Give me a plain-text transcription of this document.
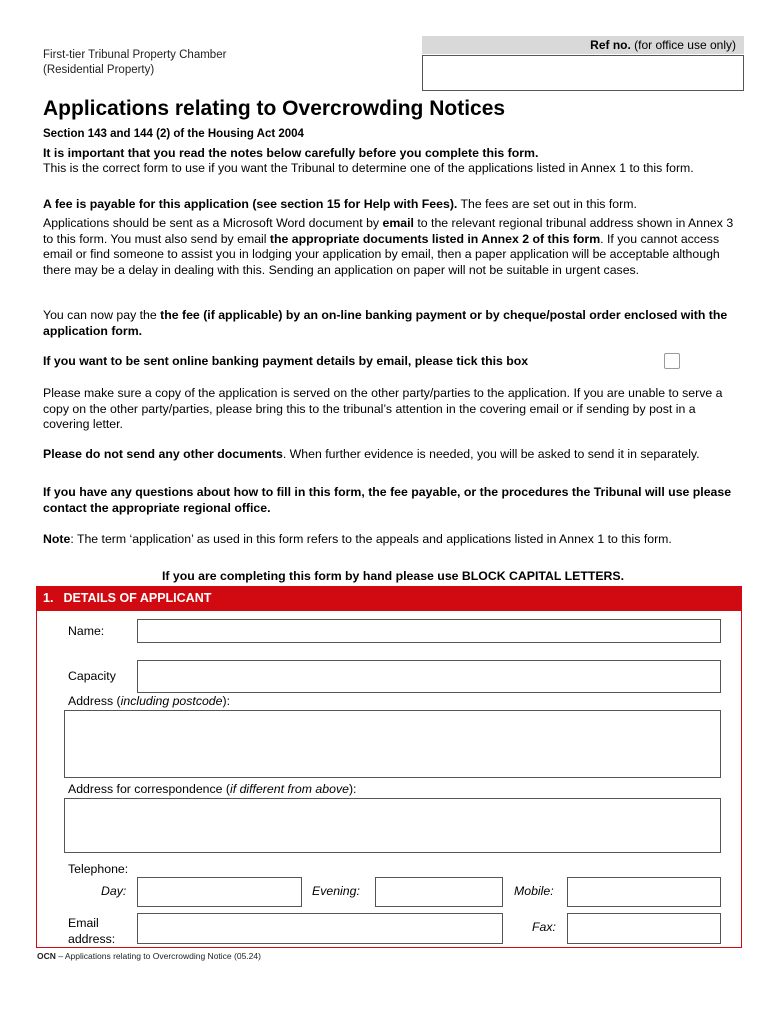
First-tier Tribunal Property Chamber
(Residential Property)
Ref no. (for office use only)
Applications relating to Overcrowding Notices
Section 143 and 144 (2) of the Housing Act 2004
It is important that you read the notes below carefully before you complete this form.
This is the correct form to use if you want the Tribunal to determine one of the applications listed in Annex 1 to this form.
A fee is payable for this application (see section 15 for Help with Fees). The fees are set out in this form.
Applications should be sent as a Microsoft Word document by email to the relevant regional tribunal address shown in Annex 3 to this form. You must also send by email the appropriate documents listed in Annex 2 of this form. If you cannot access email or find someone to assist you in lodging your application by email, then a paper application will be acceptable although there may be a delay in dealing with this. Sending an application on paper will not be suitable in urgent cases.
You can now pay the the fee (if applicable) by an on-line banking payment or by cheque/postal order enclosed with the application form.
If you want to be sent online banking payment details by email, please tick this box
Please make sure a copy of the application is served on the other party/parties to the application. If you are unable to serve a copy on the other party/parties, please bring this to the tribunal’s attention in the covering email or if sending by post in a covering letter.
Please do not send any other documents. When further evidence is needed, you will be asked to send it in separately.
If you have any questions about how to fill in this form, the fee payable, or the procedures the Tribunal will use please contact the appropriate regional office.
Note: The term ‘application’ as used in this form refers to the appeals and applications listed in Annex 1 to this form.
If you are completing this form by hand please use BLOCK CAPITAL LETTERS.
1. DETAILS OF APPLICANT
Name:
Capacity
Address (including postcode):
Address for correspondence (if different from above):
Telephone:
Day:	Evening:	Mobile:
Email
address:
Fax:
OCN – Applications relating to Overcrowding Notice (05.24)
